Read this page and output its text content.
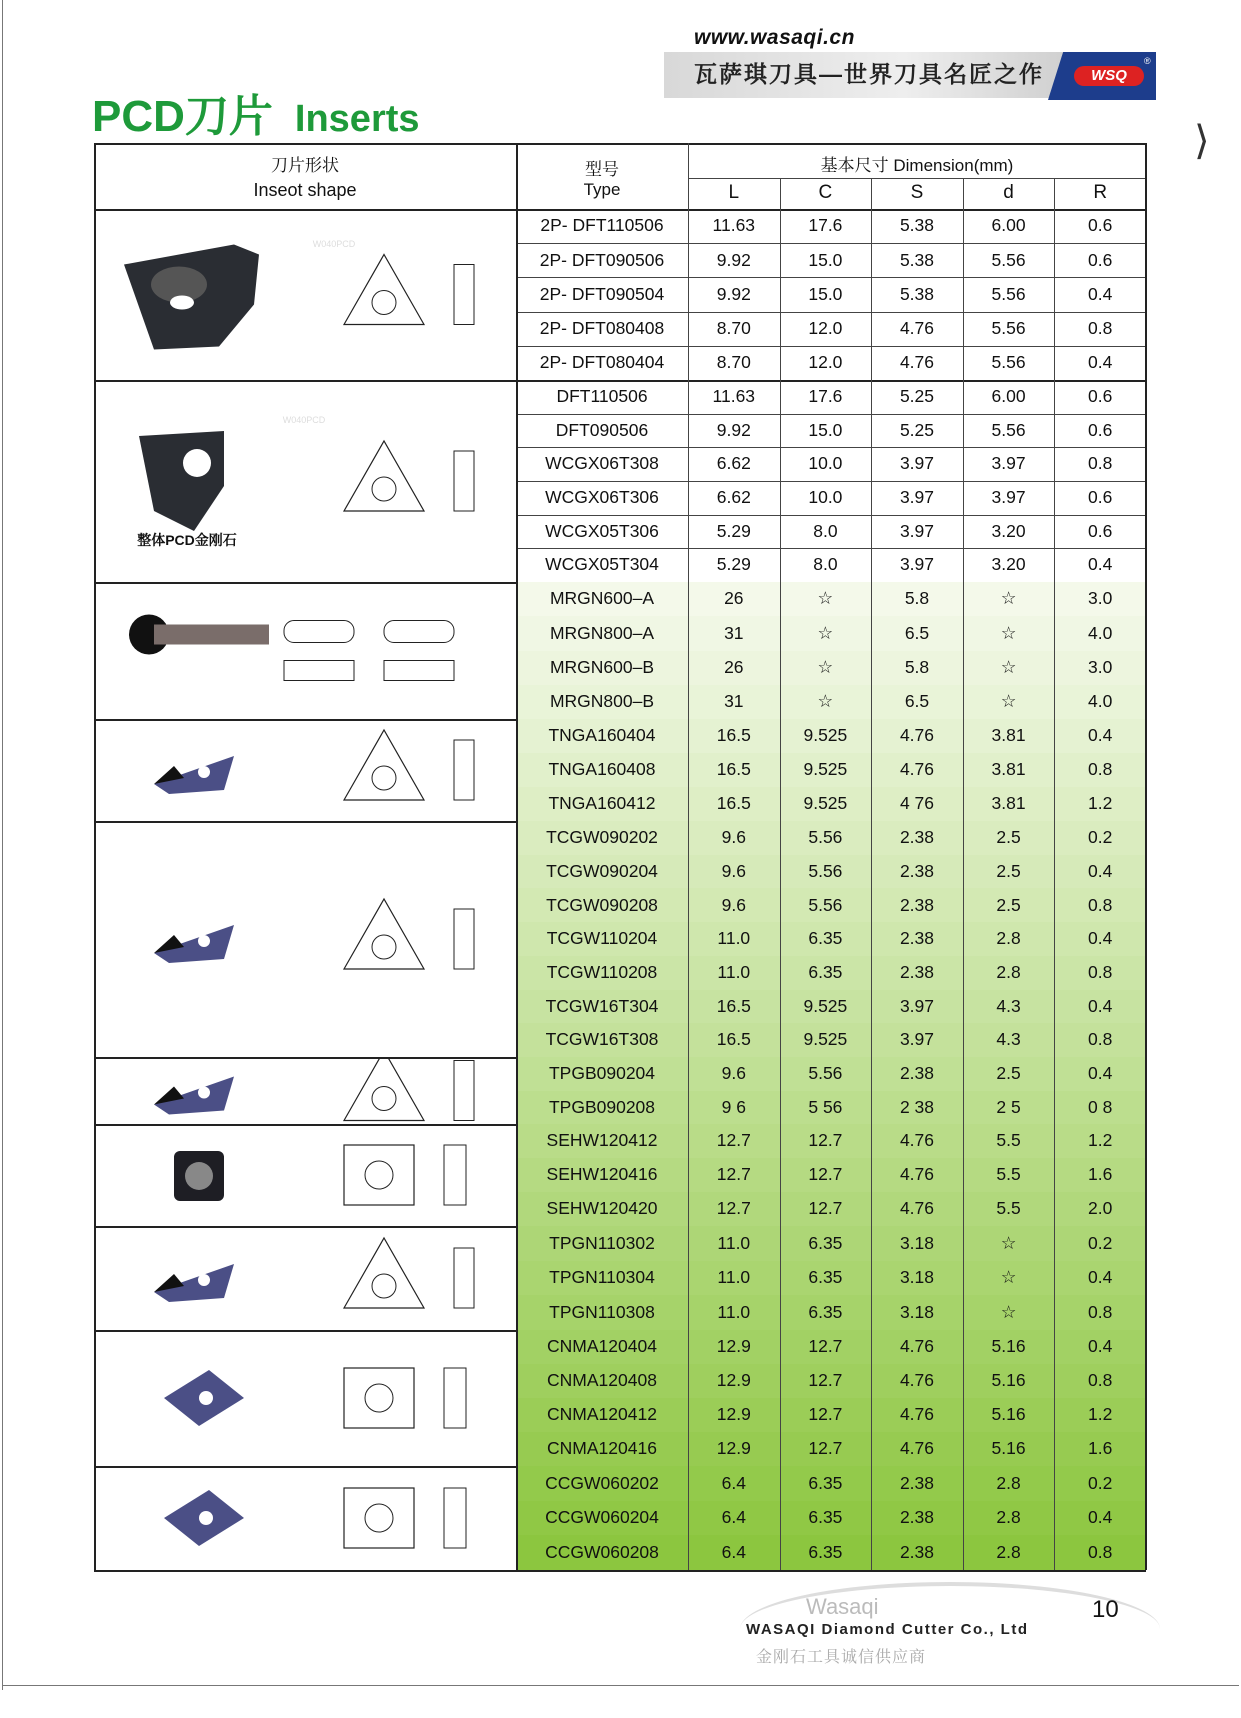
www.wasaqi.cn
瓦萨琪刀具—世界刀具名匠之作	WSQ
®
PCD刀片 Inserts	⟩
刀片形状
Inseot shape
型号
Type
基本尺寸 Dimension(mm)
L	C	S	d	R
W040PCD
2P- DFT110506	11.63	17.6	5.38	6.00	0.6
2P- DFT090506	9.92	15.0	5.38	5.56	0.6
2P- DFT090504	9.92	15.0	5.38	5.56	0.4
2P- DFT080408	8.70	12.0	4.76	5.56	0.8
2P- DFT080404	8.70	12.0	4.76	5.56	0.4
W040PCD
整体PCD金刚石
DFT110506	11.63	17.6	5.25	6.00	0.6
DFT090506	9.92	15.0	5.25	5.56	0.6
WCGX06T308	6.62	10.0	3.97	3.97	0.8
WCGX06T306	6.62	10.0	3.97	3.97	0.6
WCGX05T306	5.29	8.0	3.97	3.20	0.6
WCGX05T304	5.29	8.0	3.97	3.20	0.4
MRGN600–A	26	☆	5.8	☆	3.0
MRGN800–A	31	☆	6.5	☆	4.0
MRGN600–B	26	☆	5.8	☆	3.0
MRGN800–B	31	☆	6.5	☆	4.0
TNGA160404	16.5	9.525	4.76	3.81	0.4
TNGA160408	16.5	9.525	4.76	3.81	0.8
TNGA160412	16.5	9.525	4 76	3.81	1.2
TCGW090202	9.6	5.56	2.38	2.5	0.2
TCGW090204	9.6	5.56	2.38	2.5	0.4
TCGW090208	9.6	5.56	2.38	2.5	0.8
TCGW110204	11.0	6.35	2.38	2.8	0.4
TCGW110208	11.0	6.35	2.38	2.8	0.8
TCGW16T304	16.5	9.525	3.97	4.3	0.4
TCGW16T308	16.5	9.525	3.97	4.3	0.8
TPGB090204	9.6	5.56	2.38	2.5	0.4
TPGB090208	9 6	5 56	2 38	2 5	0 8
SEHW120412	12.7	12.7	4.76	5.5	1.2
SEHW120416	12.7	12.7	4.76	5.5	1.6
SEHW120420	12.7	12.7	4.76	5.5	2.0
TPGN110302	11.0	6.35	3.18	☆	0.2
TPGN110304	11.0	6.35	3.18	☆	0.4
TPGN110308	11.0	6.35	3.18	☆	0.8
CNMA120404	12.9	12.7	4.76	5.16	0.4
CNMA120408	12.9	12.7	4.76	5.16	0.8
CNMA120412	12.9	12.7	4.76	5.16	1.2
CNMA120416	12.9	12.7	4.76	5.16	1.6
CCGW060202	6.4	6.35	2.38	2.8	0.2
CCGW060204	6.4	6.35	2.38	2.8	0.4
CCGW060208	6.4	6.35	2.38	2.8	0.8
Wasaqi
WASAQI Diamond Cutter Co., Ltd
金刚石工具诚信供应商
10
